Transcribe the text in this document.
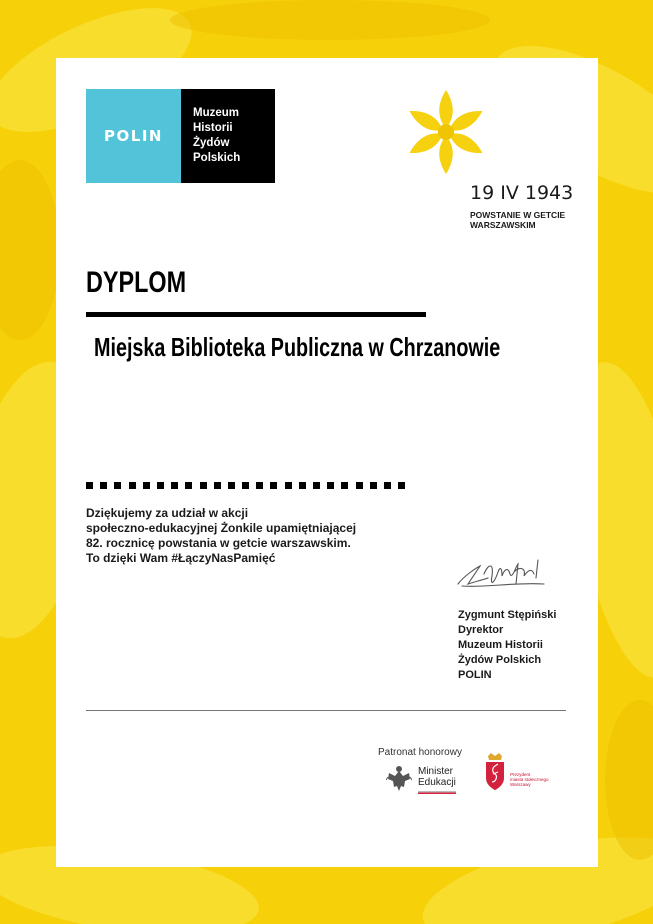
POLIN
Muzeum
Historii
Żydów
Polskich
19 IV 1943
POWSTANIE W GETCIE
WARSZAWSKIM
DYPLOM
Miejska Biblioteka Publiczna w Chrzanowie
Dziękujemy za udział w akcji
społeczno-edukacyjnej Żonkile upamiętniającej
82. rocznicę powstania w getcie warszawskim.
To dzięki Wam #ŁączyNasPamięć
Zygmunt Stępiński
Dyrektor
Muzeum Historii
Żydów Polskich
POLIN
Patronat honorowy
Minister
Edukacji
Prezydent
miasta stołecznego
Warszawy
